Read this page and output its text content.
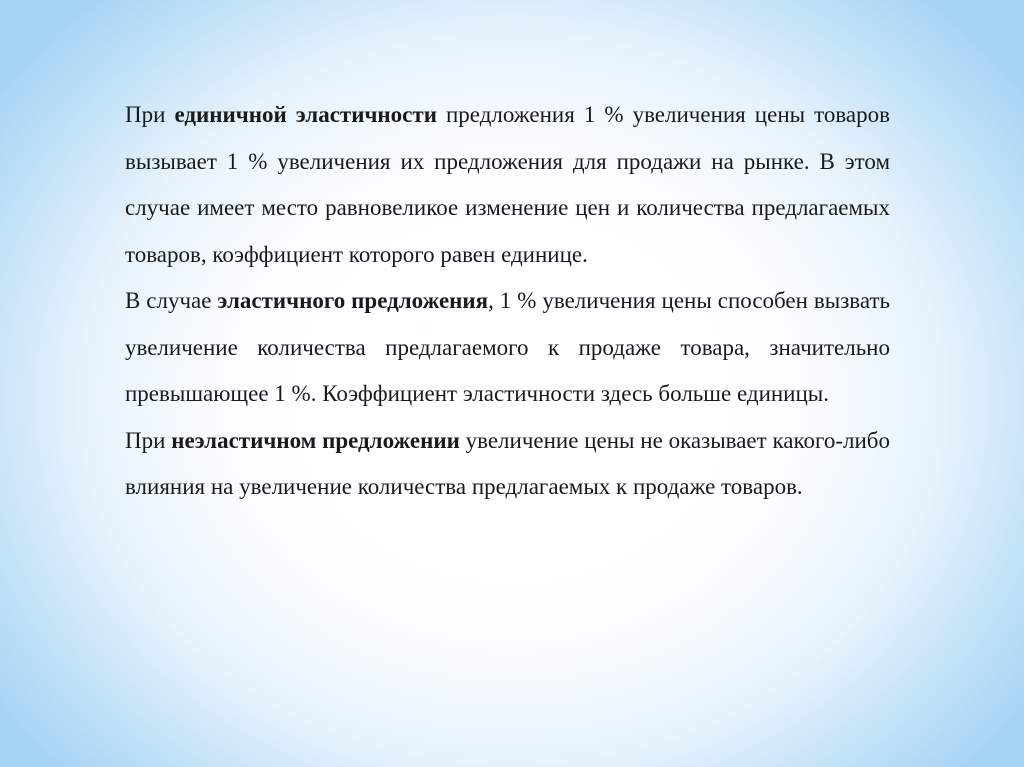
При единичной эластичности предложения 1 % увеличения цены товаров вызывает 1 % увеличения их предложения для продажи на рынке. В этом случае имеет место равновеликое изменение цен и количества предлагаемых товаров, коэффициент которого равен единице.

В случае эластичного предложения, 1 % увеличения цены способен вызвать увеличение количества предлагаемого к продаже товара, значительно превышающее 1 %. Коэффициент эластичности здесь больше единицы.

При неэластичном предложении увеличение цены не оказывает какого-либо влияния на увеличение количества предлагаемых к продаже товаров.
